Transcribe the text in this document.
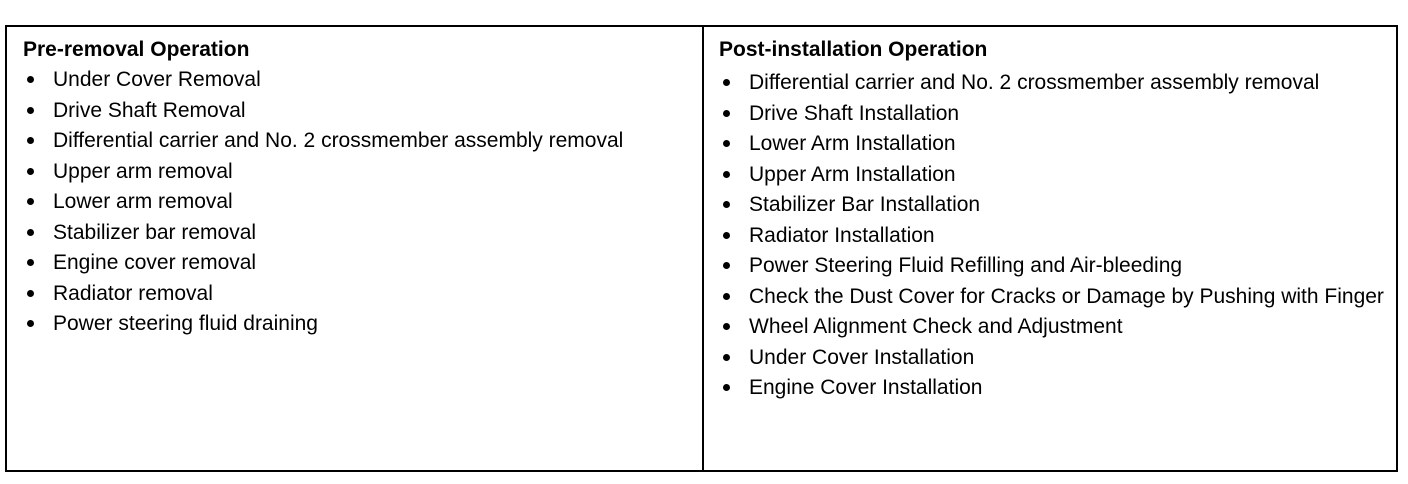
Pre-removal Operation
Under Cover Removal
Drive Shaft Removal
Differential carrier and No. 2 crossmember assembly removal
Upper arm removal
Lower arm removal
Stabilizer bar removal
Engine cover removal
Radiator removal
Power steering fluid draining
Post-installation Operation
Differential carrier and No. 2 crossmember assembly removal
Drive Shaft Installation
Lower Arm Installation
Upper Arm Installation
Stabilizer Bar Installation
Radiator Installation
Power Steering Fluid Refilling and Air-bleeding
Check the Dust Cover for Cracks or Damage by Pushing with Finger
Wheel Alignment Check and Adjustment
Under Cover Installation
Engine Cover Installation
